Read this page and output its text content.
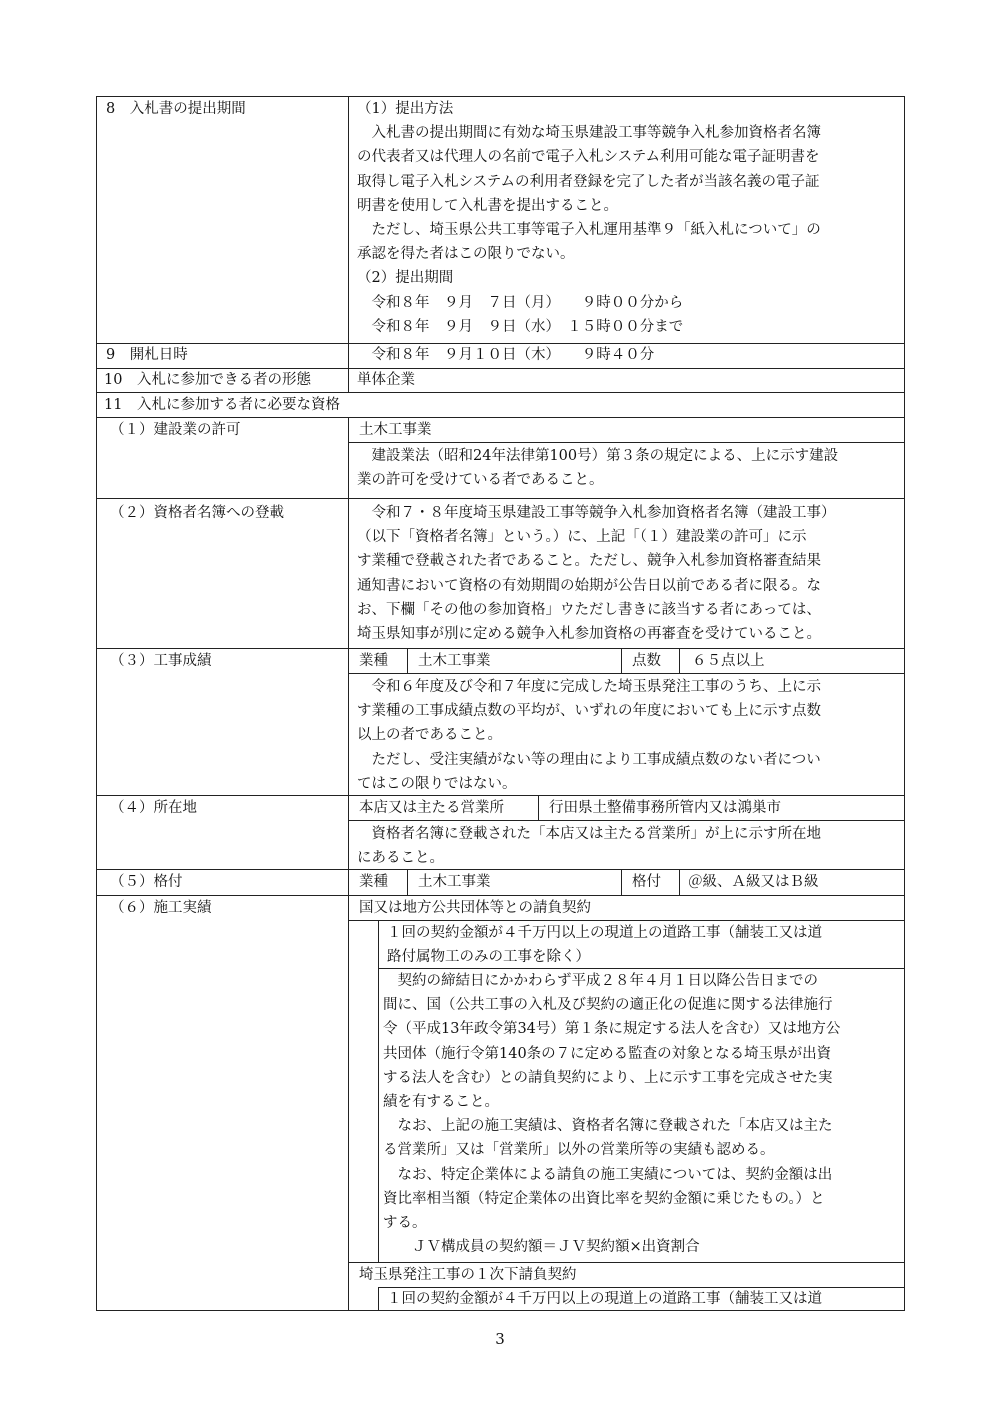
8　入札書の提出期間	（1）提出方法

　入札書の提出期間に有効な埼玉県建設工事等競争入札参加資格者名簿

の代表者又は代理人の名前で電子入札システム利用可能な電子証明書を

取得し電子入札システムの利用者登録を完了した者が当該名義の電子証

明書を使用して入札書を提出すること。

　ただし、埼玉県公共工事等電子入札運用基準９「紙入札について」の

承認を得た者はこの限りでない。

（2）提出期間

　令和８年　９月　７日（月）　　９時００分から

　令和８年　９月　９日（水）　１５時００分まで

9　開札日時	　令和８年　９月１０日（木）　　９時４０分
10　入札に参加できる者の形態	単体企業
11　入札に参加する者に必要な資格
（１）建設業の許可	土木工事業

　建設業法（昭和24年法律第100号）第３条の規定による、上に示す建設

業の許可を受けている者であること。

（２）資格者名簿への登載	　令和７・８年度埼玉県建設工事等競争入札参加資格者名簿（建設工事）

（以下「資格者名簿」という。）に、上記「（１）建設業の許可」に示

す業種で登載された者であること。ただし、競争入札参加資格審査結果

通知書において資格の有効期間の始期が公告日以前である者に限る。な

お、下欄「その他の参加資格」ウただし書きに該当する者にあっては、

埼玉県知事が別に定める競争入札参加資格の再審査を受けていること。

（３）工事成績	業種 土木工事業	点数 ６５点以上

　令和６年度及び令和７年度に完成した埼玉県発注工事のうち、上に示

す業種の工事成績点数の平均が、いずれの年度においても上に示す点数

以上の者であること。

　ただし、受注実績がない等の理由により工事成績点数のない者につい

てはこの限りではない。

（４）所在地	本店又は主たる営業所	行田県土整備事務所管内又は鴻巣市

　資格者名簿に登載された「本店又は主たる営業所」が上に示す所在地

にあること。

（５）格付	業種 土木工事業	格付 ＠級、Ａ級又はＢ級
（６）施工実績	国又は地方公共団体等との請負契約

１回の契約金額が４千万円以上の現道上の道路工事（舗装工又は道

路付属物工のみの工事を除く）

　契約の締結日にかかわらず平成２８年４月１日以降公告日までの

間に、国（公共工事の入札及び契約の適正化の促進に関する法律施行

令（平成13年政令第34号）第１条に規定する法人を含む）又は地方公

共団体（施行令第140条の７に定める監査の対象となる埼玉県が出資

する法人を含む）との請負契約により、上に示す工事を完成させた実

績を有すること。

　なお、上記の施工実績は、資格者名簿に登載された「本店又は主た

る営業所」又は「営業所」以外の営業所等の実績も認める。

　なお、特定企業体による請負の施工実績については、契約金額は出

資比率相当額（特定企業体の出資比率を契約金額に乗じたもの。）と

する。

　　ＪＶ構成員の契約額＝ＪＶ契約額×出資割合

埼玉県発注工事の１次下請負契約
１回の契約金額が４千万円以上の現道上の道路工事（舗装工又は道
3
